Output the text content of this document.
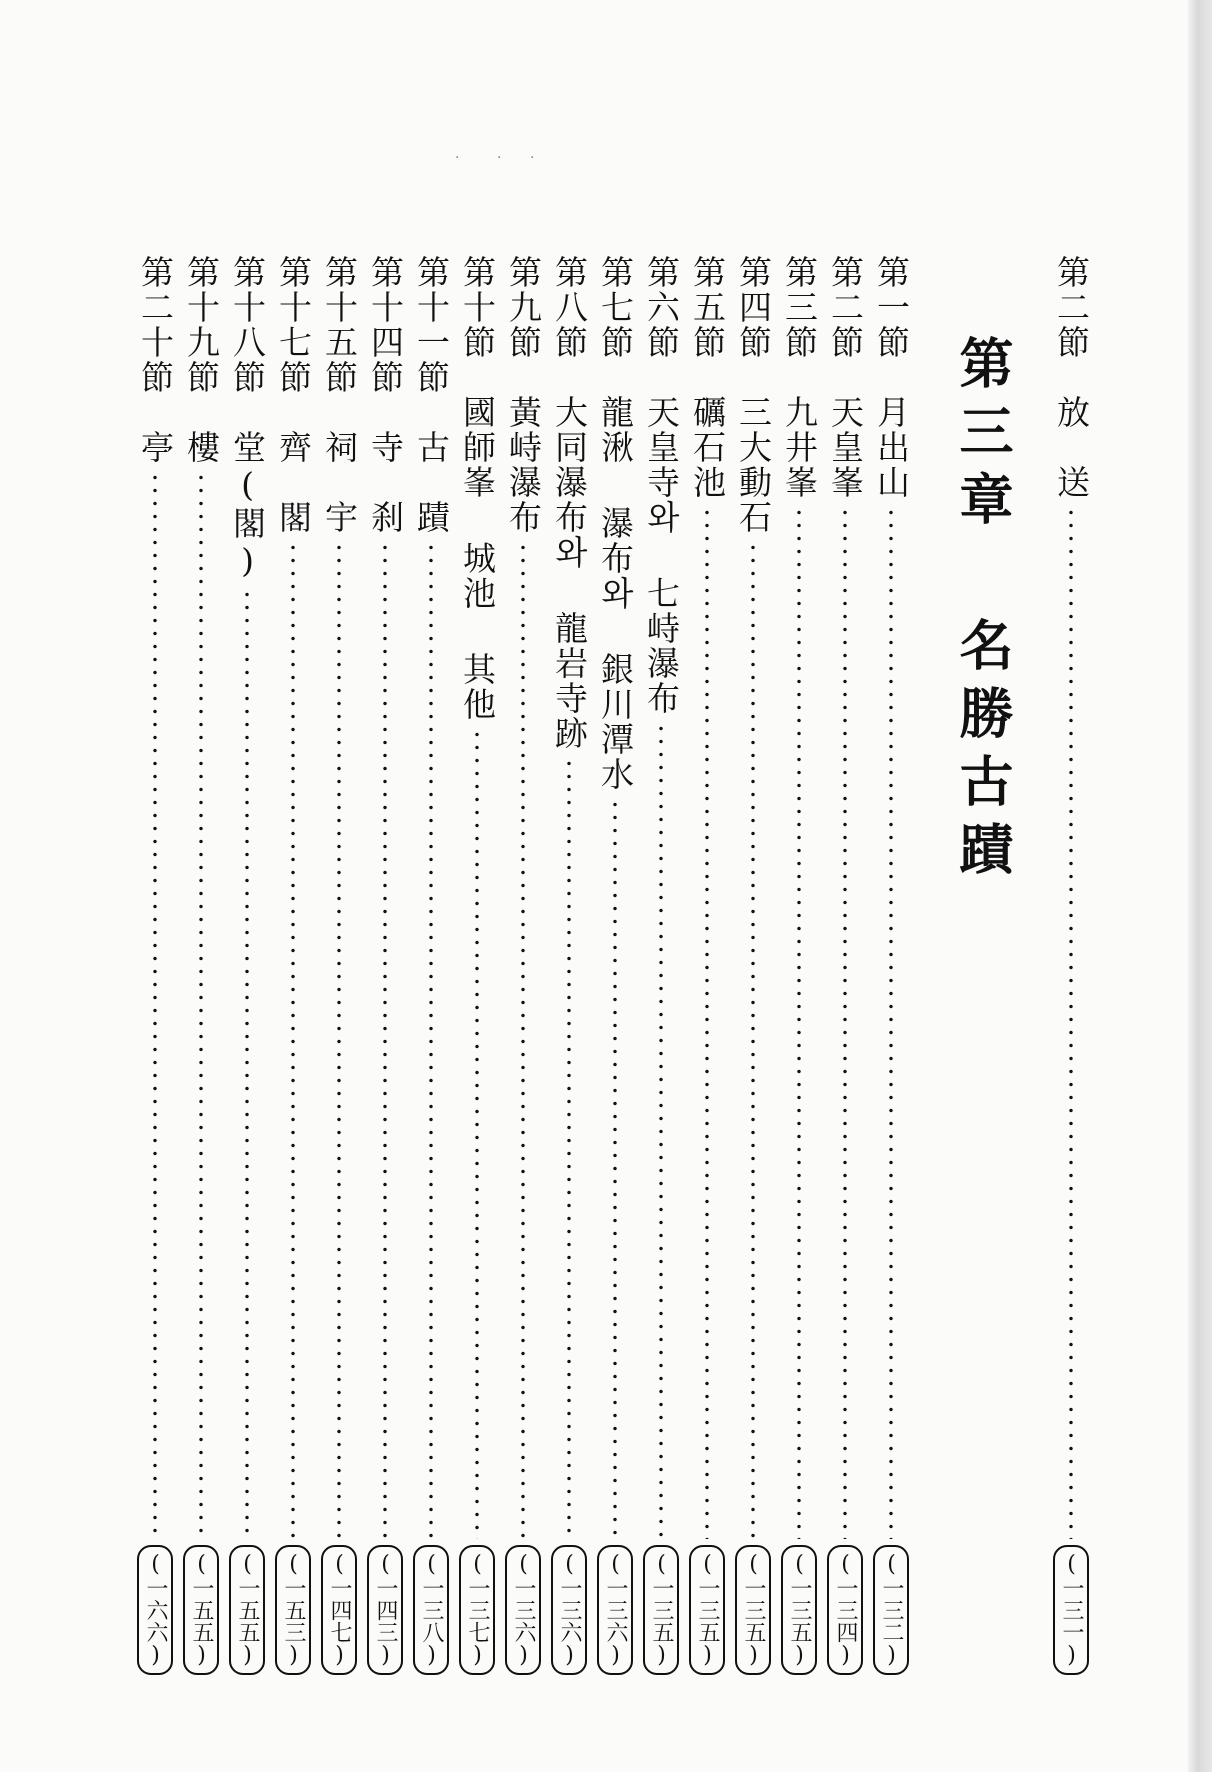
·	· ·
第三章 名勝古蹟
第二節　放　送
(一三一)
第一節　月出山
(一三二)
第二節　天皇峯
(一三四)
第三節　九井峯
(一三五)
第四節　三大動石
(一三五)
第五節　礪石池
(一三五)
第六節　天皇寺와 七峙瀑布
(一三五)
第七節　龍湫 瀑布와 銀川潭水
(一三六)
第八節　大同瀑布와 龍岩寺跡
(一三六)
第九節　黃峙瀑布
(一三六)
第十節　國師峯 城池 其他
(一三七)
第十一節　古　蹟
(一三八)
第十四節　寺　刹
(一四三)
第十五節　祠　宇
(一四七)
第十七節　齊　閣
(一五三)
第十八節　堂(閣)
(一五五)
第十九節　樓
(一五五)
第二十節　亭
(一六六)
